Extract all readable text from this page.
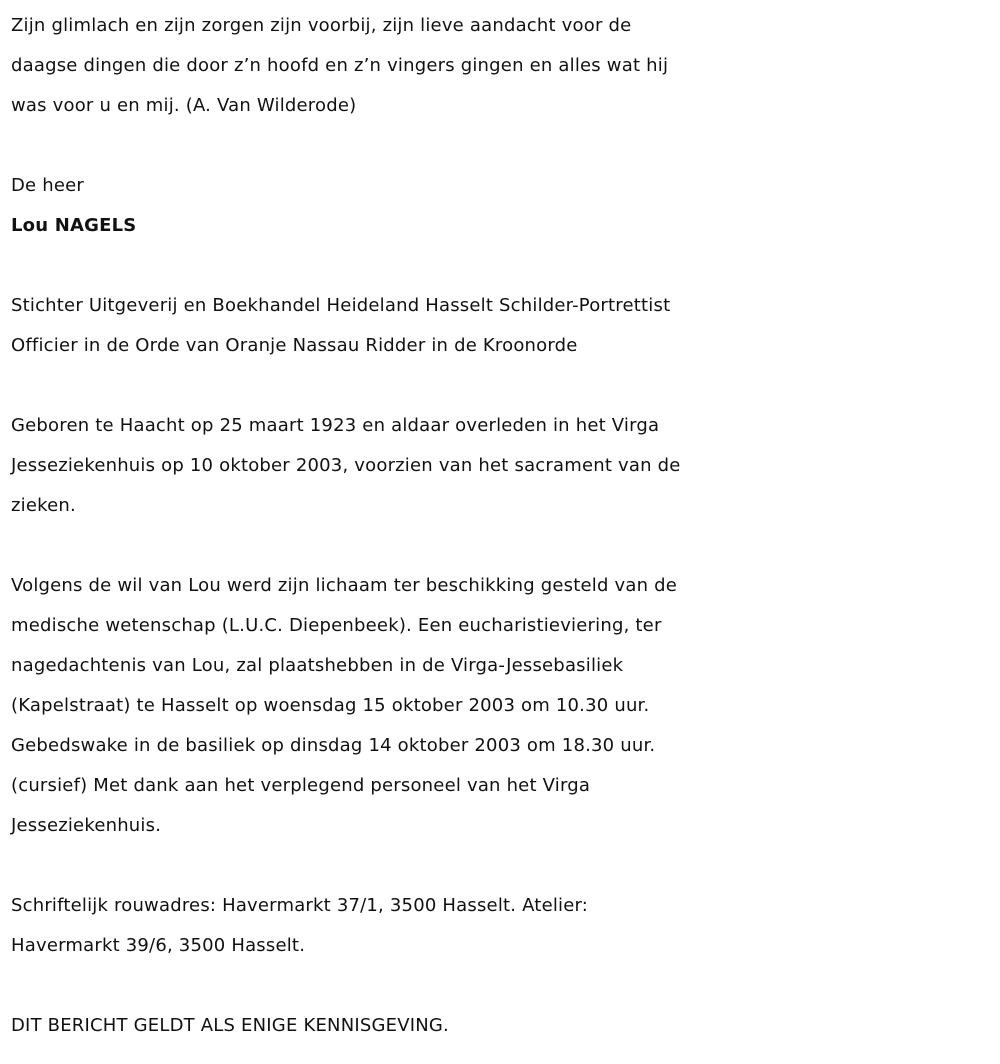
Zijn glimlach en zijn zorgen zijn voorbij, zijn lieve aandacht voor de
daagse dingen die door z’n hoofd en z’n vingers gingen en alles wat hij
was voor u en mij. (A. Van Wilderode)
De heer
Lou NAGELS
Stichter Uitgeverij en Boekhandel Heideland Hasselt Schilder-Portrettist
Officier in de Orde van Oranje Nassau Ridder in de Kroonorde
Geboren te Haacht op 25 maart 1923 en aldaar overleden in het Virga
Jesseziekenhuis op 10 oktober 2003, voorzien van het sacrament van de
zieken.
Volgens de wil van Lou werd zijn lichaam ter beschikking gesteld van de
medische wetenschap (L.U.C. Diepenbeek). Een eucharistieviering, ter
nagedachtenis van Lou, zal plaatshebben in de Virga-Jessebasiliek
(Kapelstraat) te Hasselt op woensdag 15 oktober 2003 om 10.30 uur.
Gebedswake in de basiliek op dinsdag 14 oktober 2003 om 18.30 uur.
(cursief) Met dank aan het verplegend personeel van het Virga
Jesseziekenhuis.
Schriftelijk rouwadres: Havermarkt 37/1, 3500 Hasselt. Atelier:
Havermarkt 39/6, 3500 Hasselt.
DIT BERICHT GELDT ALS ENIGE KENNISGEVING.
